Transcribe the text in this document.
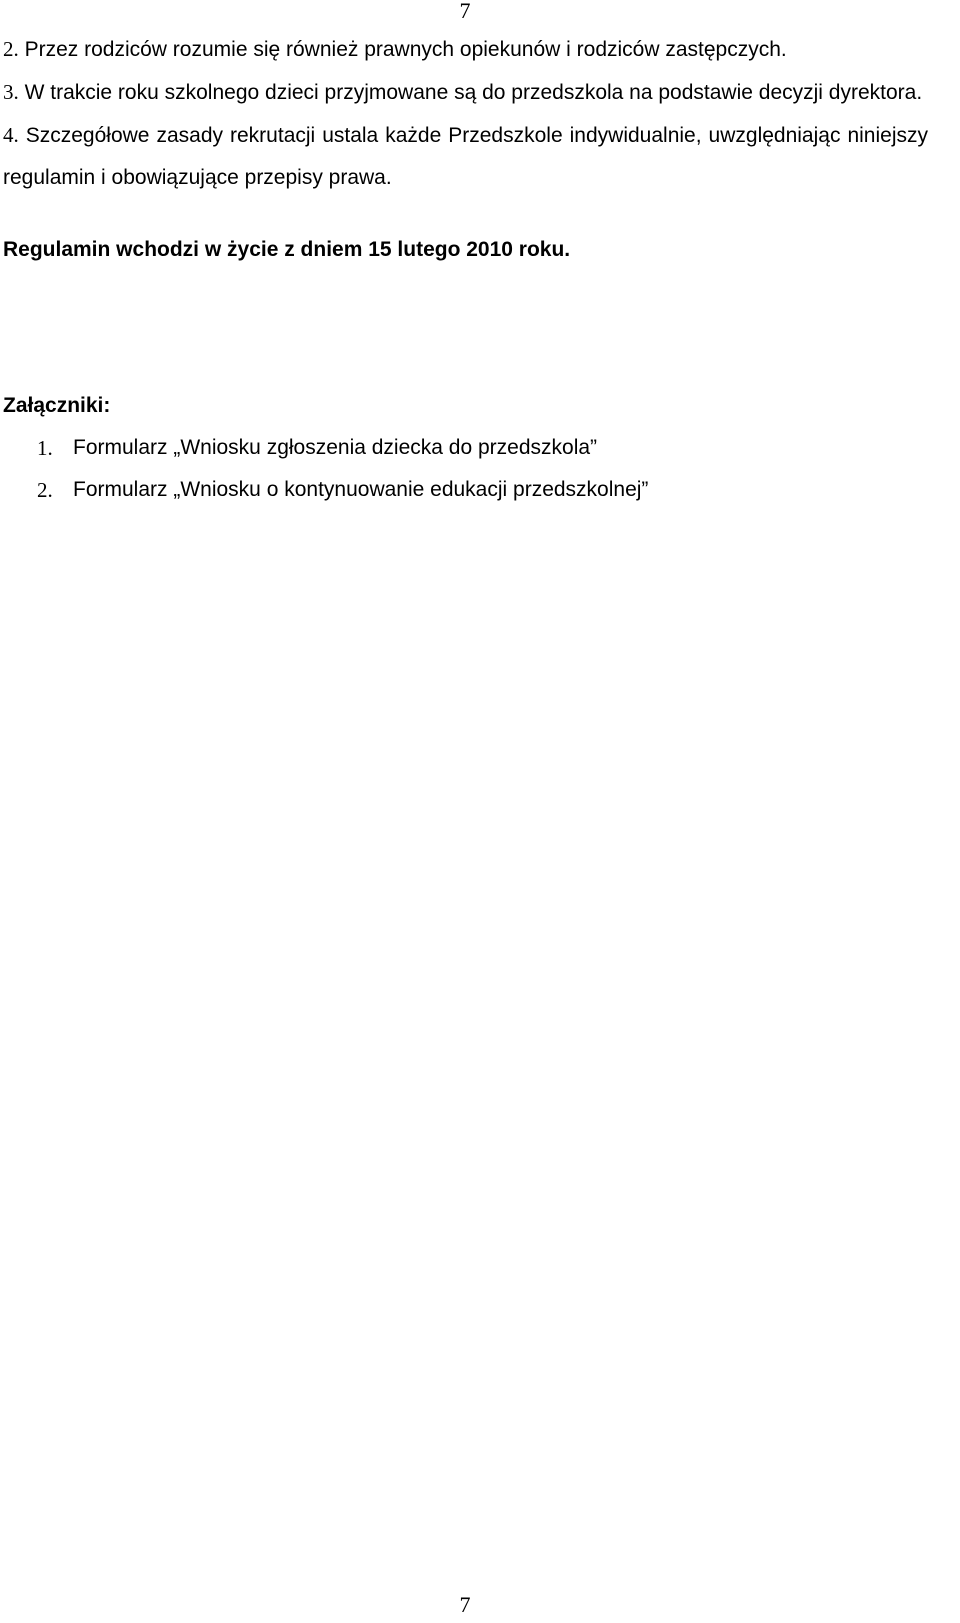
7

2. Przez rodziców rozumie się również prawnych opiekunów i rodziców zastępczych.

3. W trakcie roku szkolnego dzieci przyjmowane są do przedszkola na podstawie decyzji dyrektora.

4. Szczegółowe zasady rekrutacji ustala każde Przedszkole indywidualnie, uwzględniając niniejszy regulamin i obowiązujące przepisy prawa.

Regulamin wchodzi w życie z dniem 15 lutego 2010 roku.

Załączniki:

1. Formularz „Wniosku zgłoszenia dziecka do przedszkola”
2. Formularz „Wniosku o kontynuowanie edukacji przedszkolnej”
7
